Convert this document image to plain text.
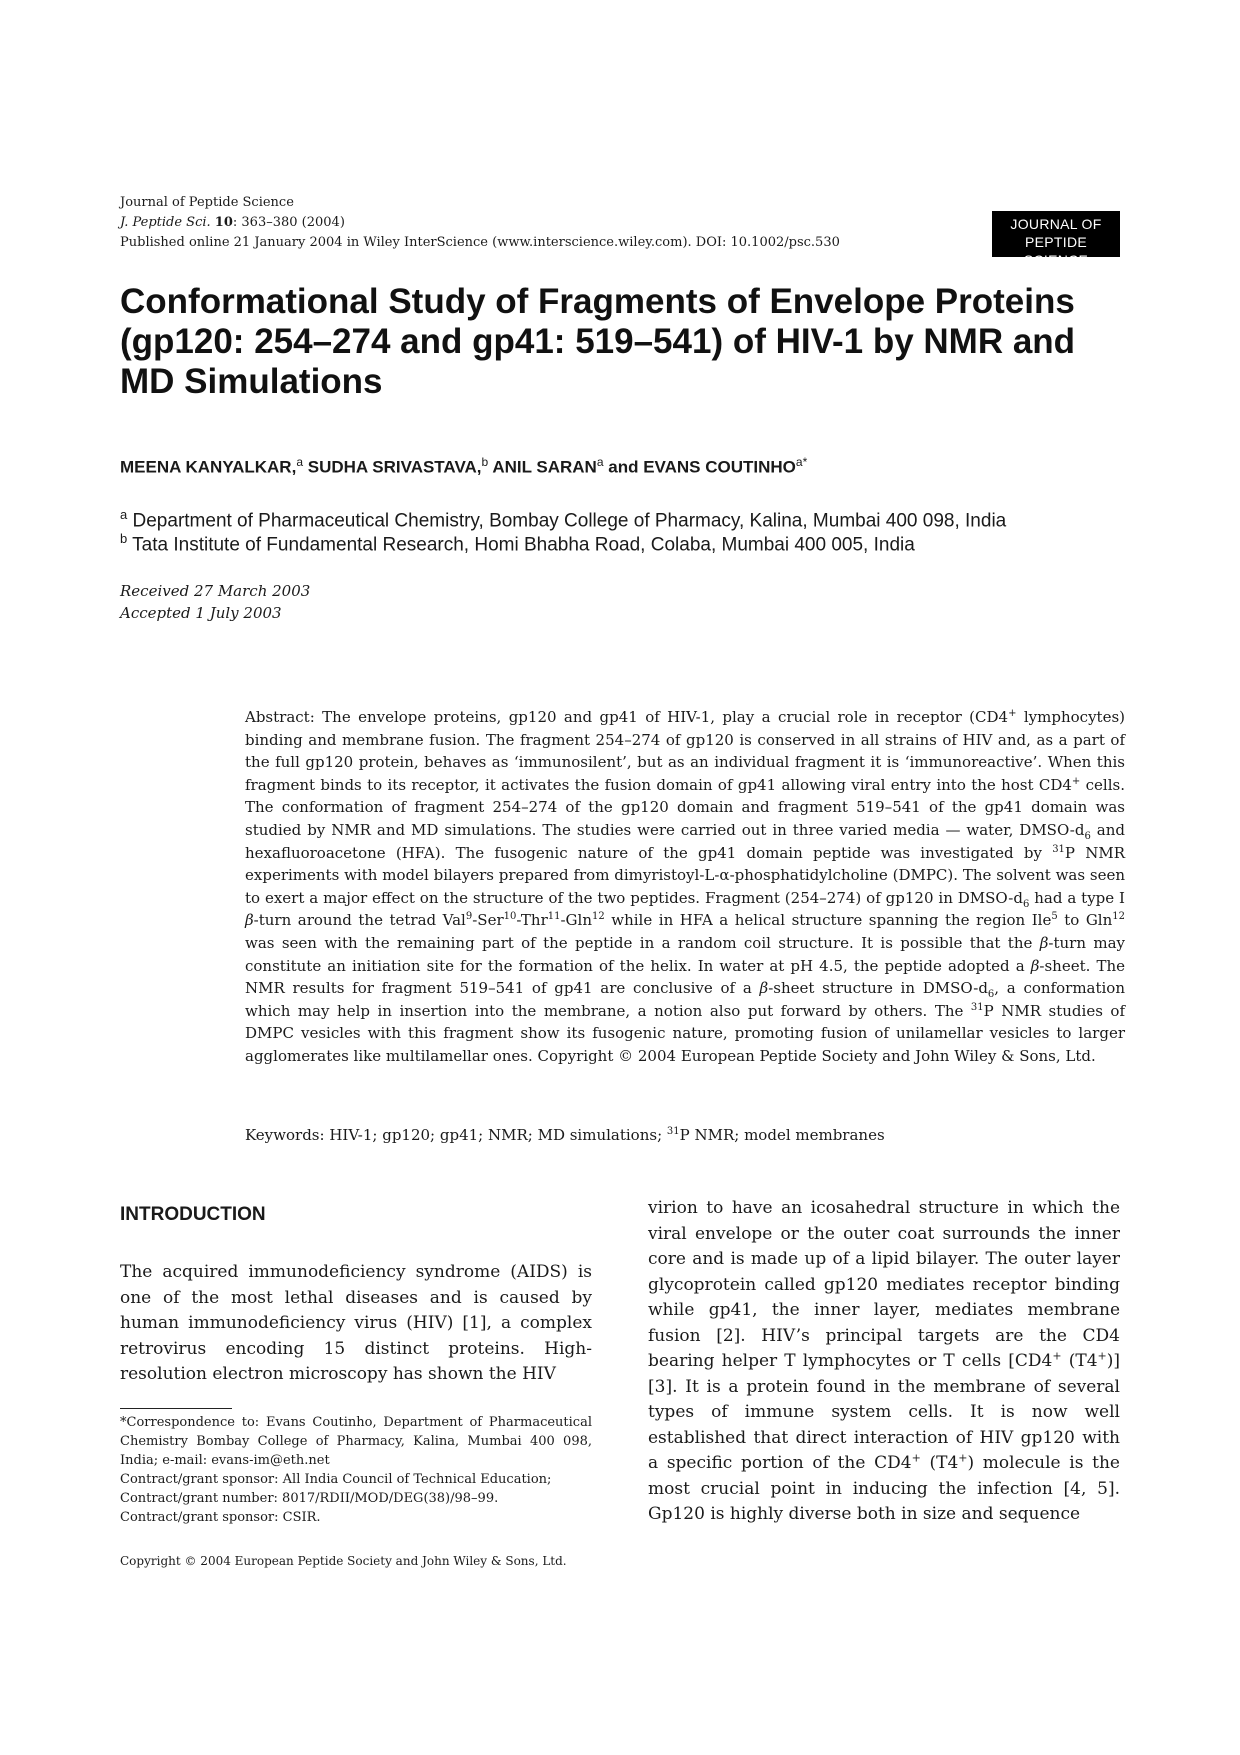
Journal of Peptide Science
J. Peptide Sci. 10: 363–380 (2004)
Published online 21 January 2004 in Wiley InterScience (www.interscience.wiley.com). DOI: 10.1002/psc.530
JOURNAL OF
PEPTIDE SCIENCE
Conformational Study of Fragments of Envelope Proteins (gp120: 254–274 and gp41: 519–541) of HIV-1 by NMR and MD Simulations
MEENA KANYALKAR,$^a$ SUDHA SRIVASTAVA,$^b$ ANIL SARAN$^a$ and EVANS $COUTINHO^{a*}$
$^a$ Department of Pharmaceutical Chemistry, Bombay College of Pharmacy, Kalina, Mumbai 400 098, India
$^b$ Tata Institute of Fundamental Research, Homi Bhabha Road, Colaba, Mumbai 400 005, India
Received 27 March 2003
Accepted 1 July 2003
Abstract: The envelope proteins, gp120 and gp41 of HIV-1, play a crucial role in receptor (CD4+ lymphocytes) binding and membrane fusion. The fragment 254–274 of gp120 is conserved in all strains of HIV and, as a part of the full gp120 protein, behaves as ‘immunosilent’, but as an individual fragment it is ‘immunoreactive’. When this fragment binds to its receptor, it activates the fusion domain of gp41 allowing viral entry into the host CD4+ cells. The conformation of fragment 254–274 of the gp120 domain and fragment 519–541 of the gp41 domain was studied by NMR and MD simulations. The studies were carried out in three varied media — water, DMSO-$d_6$ and hexafluoroacetone (HFA). The fusogenic nature of the gp41 domain peptide was investigated by $^{31}$P NMR experiments with model bilayers prepared from dimyristoyl-L-α-phosphatidylcholine (DMPC). The solvent was seen to exert a major effect on the structure of the two peptides. Fragment (254–274) of gp120 in DMSO-$d_6$ had a type I β-turn around the tetrad Val$^9$-Ser$^{10}$-Thr$^{11}$-Gln$^{12}$ while in HFA a helical structure spanning the region Ile$^5$ to Gln$^{12}$ was seen with the remaining part of the peptide in a random coil structure. It is possible that the β-turn may constitute an initiation site for the formation of the helix. In water at pH 4.5, the peptide adopted a β-sheet. The NMR results for fragment 519–541 of gp41 are conclusive of a β-sheet structure in DMSO-$d_6$, a conformation which may help in insertion into the membrane, a notion also put forward by others. The $^{31}$P NMR studies of DMPC vesicles with this fragment show its fusogenic nature, promoting fusion of unilamellar vesicles to larger agglomerates like multilamellar ones. Copyright © 2004 European Peptide Society and John Wiley & Sons, Ltd.
Keywords: HIV-1; gp120; gp41; NMR; MD simulations; $^{31}$P NMR; model membranes
INTRODUCTION
The acquired immunodeficiency syndrome (AIDS) is one of the most lethal diseases and is caused by human immunodeficiency virus (HIV) [1], a complex retrovirus encoding 15 distinct proteins. High-resolution electron microscopy has shown the HIV
virion to have an icosahedral structure in which the viral envelope or the outer coat surrounds the inner core and is made up of a lipid bilayer. The outer layer glycoprotein called gp120 mediates receptor binding while gp41, the inner layer, mediates membrane fusion [2]. HIV’s principal targets are the CD4 bearing helper T lymphocytes or T cells [CD4+ (T4+)] [3]. It is a protein found in the membrane of several types of immune system cells. It is now well established that direct interaction of HIV gp120 with a specific portion of the CD4+ (T4+) molecule is the most crucial point in inducing the infection [4, 5]. Gp120 is highly diverse both in size and sequence
*Correspondence to: Evans Coutinho, Department of Pharmaceutical Chemistry Bombay College of Pharmacy, Kalina, Mumbai 400 098, India; e-mail: evans-im@eth.net
Contract/grant sponsor: All India Council of Technical Education;
Contract/grant number: 8017/RDII/MOD/DEG(38)/98–99.
Contract/grant sponsor: CSIR.
Copyright © 2004 European Peptide Society and John Wiley & Sons, Ltd.
